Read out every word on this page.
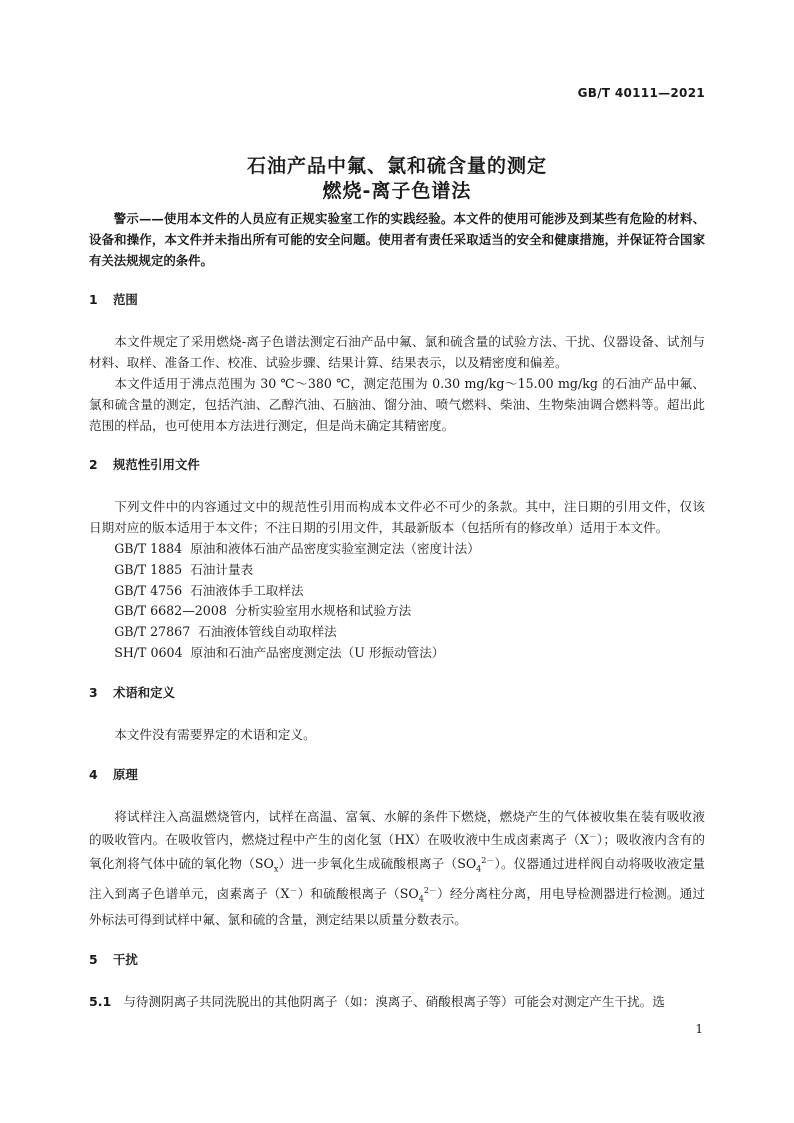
GB/T 40111—2021
石油产品中氟、氯和硫含量的测定
燃烧-离子色谱法

警示——使用本文件的人员应有正规实验室工作的实践经验。本文件的使用可能涉及到某些有危险的材料、设备和操作，本文件并未指出所有可能的安全问题。使用者有责任采取适当的安全和健康措施，并保证符合国家有关法规规定的条件。

1 范围

本文件规定了采用燃烧-离子色谱法测定石油产品中氟、氯和硫含量的试验方法、干扰、仪器设备、试剂与材料、取样、准备工作、校准、试验步骤、结果计算、结果表示，以及精密度和偏差。

本文件适用于沸点范围为 30 ℃～380 ℃，测定范围为 0.30 mg/kg～15.00 mg/kg 的石油产品中氟、氯和硫含量的测定，包括汽油、乙醇汽油、石脑油、馏分油、喷气燃料、柴油、生物柴油调合燃料等。超出此范围的样品，也可使用本方法进行测定，但是尚未确定其精密度。

2 规范性引用文件

下列文件中的内容通过文中的规范性引用而构成本文件必不可少的条款。其中，注日期的引用文件，仅该日期对应的版本适用于本文件；不注日期的引用文件，其最新版本（包括所有的修改单）适用于本文件。

GB/T 1884 原油和液体石油产品密度实验室测定法（密度计法）
GB/T 1885 石油计量表
GB/T 4756 石油液体手工取样法
GB/T 6682—2008 分析实验室用水规格和试验方法
GB/T 27867 石油液体管线自动取样法
SH/T 0604 原油和石油产品密度测定法（U 形振动管法）
3 术语和定义

本文件没有需要界定的术语和定义。

4 原理

将试样注入高温燃烧管内，试样在高温、富氧、水解的条件下燃烧，燃烧产生的气体被收集在装有吸收液的吸收管内。在吸收管内，燃烧过程中产生的卤化氢（HX）在吸收液中生成卤素离子（X－）；吸收液内含有的氧化剂将气体中硫的氧化物$(SO_x)$进一步氧化生成硫酸根离子$(SO_4^{2-})$。仪器通过进样阀自动将吸收液定量注入到离子色谱单元，卤素离子（X－）和硫酸根离子$(SO_4^{2-})$经分离柱分离，用电导检测器进行检测。通过外标法可得到试样中氟、氯和硫的含量，测定结果以质量分数表示。

5 干扰
5.1 与待测阴离子共同洗脱出的其他阴离子（如：溴离子、硝酸根离子等）可能会对测定产生干扰。选
1
